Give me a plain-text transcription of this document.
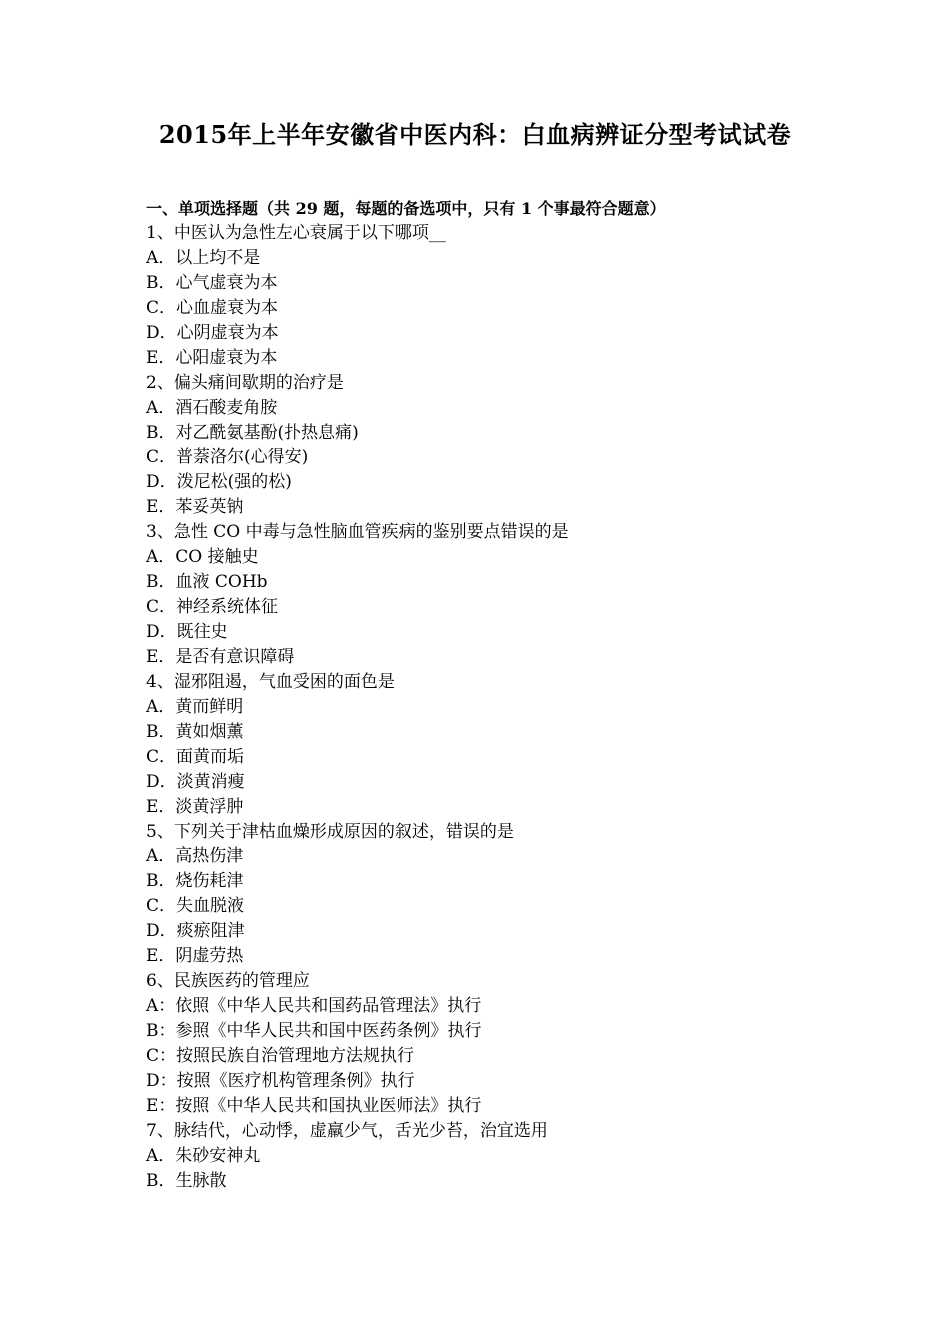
2015年上半年安徽省中医内科：白血病辨证分型考试试卷
一、单项选择题（共 29 题，每题的备选项中，只有 1 个事最符合题意）
1、中医认为急性左心衰属于以下哪项__
A．以上均不是
B．心气虚衰为本
C．心血虚衰为本
D．心阴虚衰为本
E．心阳虚衰为本
2、偏头痛间歇期的治疗是
A．酒石酸麦角胺
B．对乙酰氨基酚(扑热息痛)
C．普萘洛尔(心得安)
D．泼尼松(强的松)
E．苯妥英钠
3、急性 CO 中毒与急性脑血管疾病的鉴别要点错误的是
A．CO 接触史
B．血液 COHb
C．神经系统体征
D．既往史
E．是否有意识障碍
4、湿邪阻遏，气血受困的面色是
A．黄而鲜明
B．黄如烟薰
C．面黄而垢
D．淡黄消瘦
E．淡黄浮肿
5、下列关于津枯血燥形成原因的叙述，错误的是
A．高热伤津
B．烧伤耗津
C．失血脱液
D．痰瘀阻津
E．阴虚劳热
6、民族医药的管理应
A：依照《中华人民共和国药品管理法》执行
B：参照《中华人民共和国中医药条例》执行
C：按照民族自治管理地方法规执行
D：按照《医疗机构管理条例》执行
E：按照《中华人民共和国执业医师法》执行
7、脉结代，心动悸，虚羸少气，舌光少苔，治宜选用
A．朱砂安神丸
B．生脉散
